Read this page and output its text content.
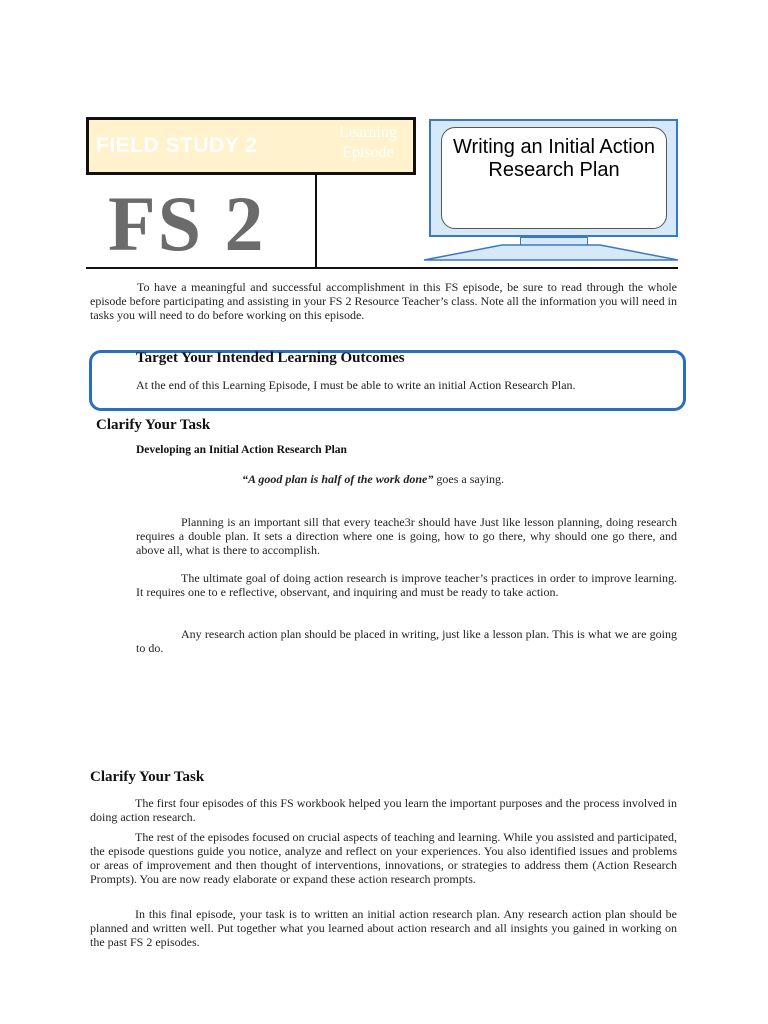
FIELD STUDY 2
Learning
Episode
FS 2
Writing an Initial Action Research Plan
To have a meaningful and successful accomplishment in this FS episode, be sure to read through the whole episode before participating and assisting in your FS 2 Resource Teacher’s class. Note all the information you will need in tasks you will need to do before working on this episode.
Target Your Intended Learning Outcomes
At the end of this Learning Episode, I must be able to write an initial Action Research Plan.
Clarify Your Task
Developing an Initial Action Research Plan
“A good plan is half of the work done” goes a saying.
Planning is an important sill that every teache3r should have Just like lesson planning, doing research requires a double plan. It sets a direction where one is going, how to go there, why should one go there, and above all, what is there to accomplish.
The ultimate goal of doing action research is improve teacher’s practices in order to improve learning. It requires one to e reflective, observant, and inquiring and must be ready to take action.
Any research action plan should be placed in writing, just like a lesson plan. This is what we are going to do.
Clarify Your Task
The first four episodes of this FS workbook helped you learn the important purposes and the process involved in doing action research.
The rest of the episodes focused on crucial aspects of teaching and learning. While you assisted and participated, the episode questions guide you notice, analyze and reflect on your experiences. You also identified issues and problems or areas of improvement and then thought of interventions, innovations, or strategies to address them (Action Research Prompts). You are now ready elaborate or expand these action research prompts.
In this final episode, your task is to written an initial action research plan. Any research action plan should be planned and written well. Put together what you learned about action research and all insights you gained in working on the past FS 2 episodes.
